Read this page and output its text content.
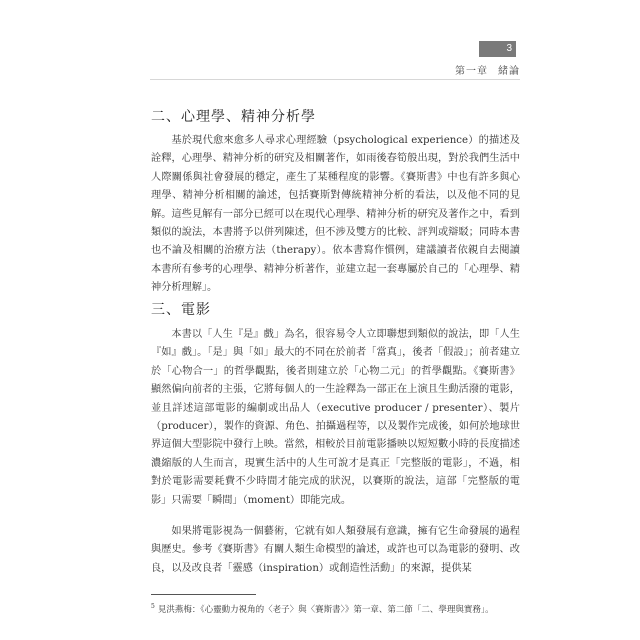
3
第一章 緒論
二、心理學、精神分析學

基於現代愈來愈多人尋求心理經驗（psychological experience）的描述及詮釋，心理學、精神分析的研究及相關著作，如雨後春筍般出現，對於我們生活中人際關係與社會發展的穩定，產生了某種程度的影響。《賽斯書》中也有許多與心理學、精神分析相關的論述，包括賽斯對傳統精神分析的看法，以及他不同的見解。這些見解有一部分已經可以在現代心理學、精神分析的研究及著作之中，看到類似的說法，本書將予以併列陳述，但不涉及雙方的比較、評判或辯駁；同時本書也不論及相關的治療方法（therapy）。依本書寫作慣例，建議讀者依親自去閱讀本書所有參考的心理學、精神分析著作，並建立起一套專屬於自己的「心理學、精神分析理解」。

三、電影

本書以「人生『是』戲」為名，很容易令人立即聯想到類似的說法，即「人生『如』戲」。「是」與「如」最大的不同在於前者「當真」，後者「假設」；前者建立於「心物合一」的哲學觀點，後者則建立於「心物二元」的哲學觀點。《賽斯書》顯然偏向前者的主張，它將每個人的一生詮釋為一部正在上演且生動活潑的電影，並且詳述這部電影的編劇或出品人（executive producer / presenter）、製片（producer），製作的資源、角色、拍攝過程等，以及製作完成後，如何於地球世界這個大型影院中發行上映。當然，相較於目前電影播映以短短數小時的長度描述濃縮版的人生而言，現實生活中的人生可說才是真正「完整版的電影」，不過，相對於電影需要耗費不少時間才能完成的狀況，以賽斯的說法，這部「完整版的電影」只需要「瞬間」（moment）即能完成。

如果將電影視為一個藝術，它就有如人類發展有意識，擁有它生命發展的過程與歷史。參考《賽斯書》有關人類生命模型的論述，或許也可以為電影的發明、改良，以及改良者「靈感（inspiration）或創造性活動」的來源，提供某

$^5$ 見洪燕梅：《心靈動力視角的〈老子〉與〈賽斯書〉》第一章、第二節「二、學理與實務」。
